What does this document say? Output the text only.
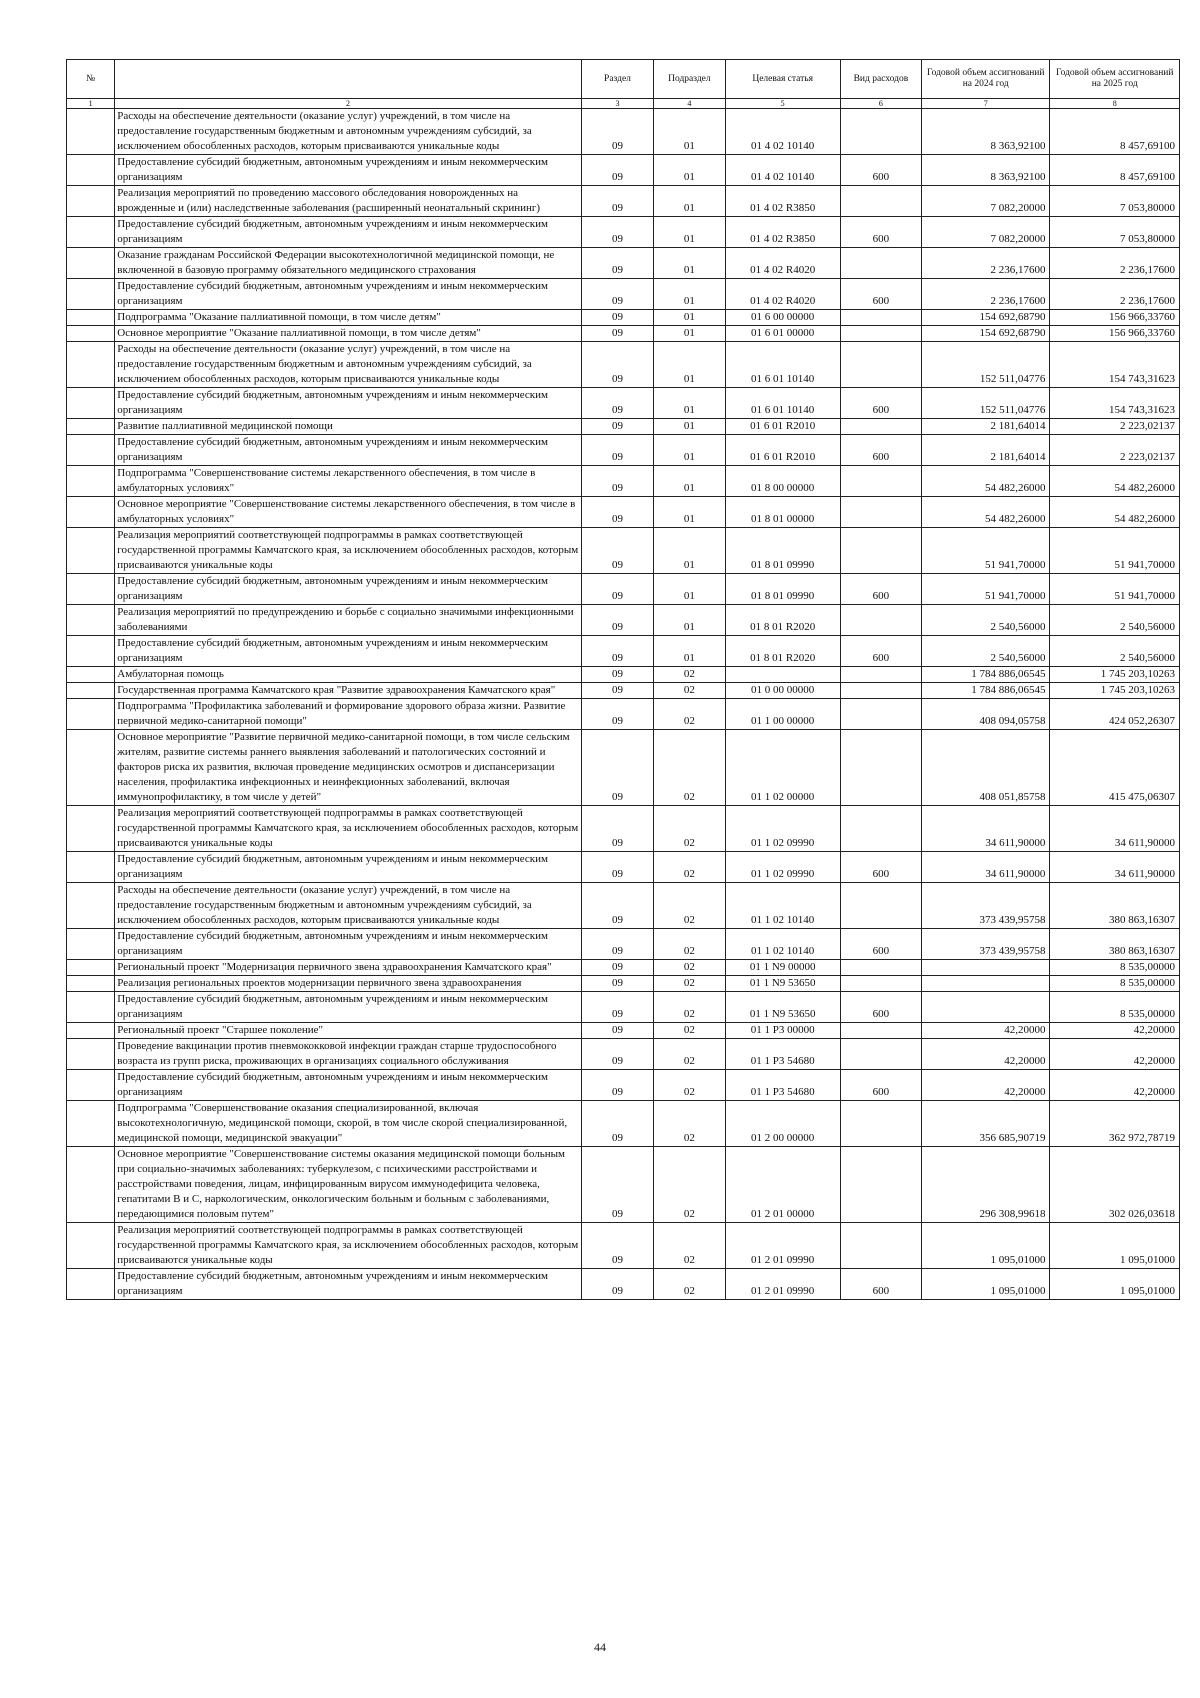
№		Раздел	Подраздел	Целевая статья	Вид расходов	Годовой объем ассигнований на 2024 год	Годовой объем ассигнований на 2025 год
1	2	3	4	5	6	7	8
	Расходы на обеспечение деятельности (оказание услуг) учреждений, в том числе на предоставление государственным бюджетным и автономным учреждениям субсидий, за исключением обособленных расходов, которым присваиваются уникальные коды	09	01	01 4 02 10140		8 363,92100	8 457,69100
	Предоставление субсидий бюджетным, автономным учреждениям и иным некоммерческим организациям	09	01	01 4 02 10140	600	8 363,92100	8 457,69100
	Реализация мероприятий по проведению массового обследования новорожденных на врожденные и (или) наследственные заболевания (расширенный неонатальный скрининг)	09	01	01 4 02 R3850		7 082,20000	7 053,80000
	Предоставление субсидий бюджетным, автономным учреждениям и иным некоммерческим организациям	09	01	01 4 02 R3850	600	7 082,20000	7 053,80000
	Оказание гражданам Российской Федерации высокотехнологичной медицинской помощи, не включенной в базовую программу обязательного медицинского страхования	09	01	01 4 02 R4020		2 236,17600	2 236,17600
	Предоставление субсидий бюджетным, автономным учреждениям и иным некоммерческим организациям	09	01	01 4 02 R4020	600	2 236,17600	2 236,17600
	Подпрограмма "Оказание паллиативной помощи, в том числе детям"	09	01	01 6 00 00000		154 692,68790	156 966,33760
	Основное мероприятие "Оказание паллиативной помощи, в том числе детям"	09	01	01 6 01 00000		154 692,68790	156 966,33760
	Расходы на обеспечение деятельности (оказание услуг) учреждений, в том числе на предоставление государственным бюджетным и автономным учреждениям субсидий, за исключением обособленных расходов, которым присваиваются уникальные коды	09	01	01 6 01 10140		152 511,04776	154 743,31623
	Предоставление субсидий бюджетным, автономным учреждениям и иным некоммерческим организациям	09	01	01 6 01 10140	600	152 511,04776	154 743,31623
	Развитие паллиативной медицинской помощи	09	01	01 6 01 R2010		2 181,64014	2 223,02137
	Предоставление субсидий бюджетным, автономным учреждениям и иным некоммерческим организациям	09	01	01 6 01 R2010	600	2 181,64014	2 223,02137
	Подпрограмма "Совершенствование системы лекарственного обеспечения, в том числе в амбулаторных условиях"	09	01	01 8 00 00000		54 482,26000	54 482,26000
	Основное мероприятие "Совершенствование системы лекарственного обеспечения, в том числе в амбулаторных условиях"	09	01	01 8 01 00000		54 482,26000	54 482,26000
	Реализация мероприятий соответствующей подпрограммы в рамках соответствующей государственной программы Камчатского края, за исключением обособленных расходов, которым присваиваются уникальные коды	09	01	01 8 01 09990		51 941,70000	51 941,70000
	Предоставление субсидий бюджетным, автономным учреждениям и иным некоммерческим организациям	09	01	01 8 01 09990	600	51 941,70000	51 941,70000
	Реализация мероприятий по предупреждению и борьбе с социально значимыми инфекционными заболеваниями	09	01	01 8 01 R2020		2 540,56000	2 540,56000
	Предоставление субсидий бюджетным, автономным учреждениям и иным некоммерческим организациям	09	01	01 8 01 R2020	600	2 540,56000	2 540,56000
	Амбулаторная помощь	09	02			1 784 886,06545	1 745 203,10263
	Государственная программа Камчатского края "Развитие здравоохранения Камчатского края"	09	02	01 0 00 00000		1 784 886,06545	1 745 203,10263
	Подпрограмма "Профилактика заболеваний и формирование здорового образа жизни. Развитие первичной медико-санитарной помощи"	09	02	01 1 00 00000		408 094,05758	424 052,26307
	Основное мероприятие "Развитие первичной медико-санитарной помощи, в том числе сельским жителям, развитие системы раннего выявления заболеваний и патологических состояний и факторов риска их развития, включая проведение медицинских осмотров и диспансеризации населения, профилактика инфекционных и неинфекционных заболеваний, включая иммунопрофилактику, в том числе у детей"	09	02	01 1 02 00000		408 051,85758	415 475,06307
	Реализация мероприятий соответствующей подпрограммы в рамках соответствующей государственной программы Камчатского края, за исключением обособленных расходов, которым присваиваются уникальные коды	09	02	01 1 02 09990		34 611,90000	34 611,90000
	Предоставление субсидий бюджетным, автономным учреждениям и иным некоммерческим организациям	09	02	01 1 02 09990	600	34 611,90000	34 611,90000
	Расходы на обеспечение деятельности (оказание услуг) учреждений, в том числе на предоставление государственным бюджетным и автономным учреждениям субсидий, за исключением обособленных расходов, которым присваиваются уникальные коды	09	02	01 1 02 10140		373 439,95758	380 863,16307
	Предоставление субсидий бюджетным, автономным учреждениям и иным некоммерческим организациям	09	02	01 1 02 10140	600	373 439,95758	380 863,16307
	Региональный проект "Модернизация первичного звена здравоохранения Камчатского края"	09	02	01 1 N9 00000			8 535,00000
	Реализация региональных проектов модернизации первичного звена здравоохранения	09	02	01 1 N9 53650			8 535,00000
	Предоставление субсидий бюджетным, автономным учреждениям и иным некоммерческим организациям	09	02	01 1 N9 53650	600		8 535,00000
	Региональный проект "Старшее поколение"	09	02	01 1 P3 00000		42,20000	42,20000
	Проведение вакцинации против пневмококковой инфекции граждан старше трудоспособного возраста из групп риска, проживающих в организациях социального обслуживания	09	02	01 1 P3 54680		42,20000	42,20000
	Предоставление субсидий бюджетным, автономным учреждениям и иным некоммерческим организациям	09	02	01 1 P3 54680	600	42,20000	42,20000
	Подпрограмма "Совершенствование оказания специализированной, включая высокотехнологичную, медицинской помощи, скорой, в том числе скорой специализированной, медицинской помощи, медицинской эвакуации"	09	02	01 2 00 00000		356 685,90719	362 972,78719
	Основное мероприятие "Совершенствование системы оказания медицинской помощи больным при социально-значимых заболеваниях: туберкулезом, с психическими расстройствами и расстройствами поведения, лицам, инфицированным вирусом иммунодефицита человека, гепатитами В и С, наркологическим, онкологическим больным и больным с заболеваниями, передающимися половым путем"	09	02	01 2 01 00000		296 308,99618	302 026,03618
	Реализация мероприятий соответствующей подпрограммы в рамках соответствующей государственной программы Камчатского края, за исключением обособленных расходов, которым присваиваются уникальные коды	09	02	01 2 01 09990		1 095,01000	1 095,01000
	Предоставление субсидий бюджетным, автономным учреждениям и иным некоммерческим организациям	09	02	01 2 01 09990	600	1 095,01000	1 095,01000
44
